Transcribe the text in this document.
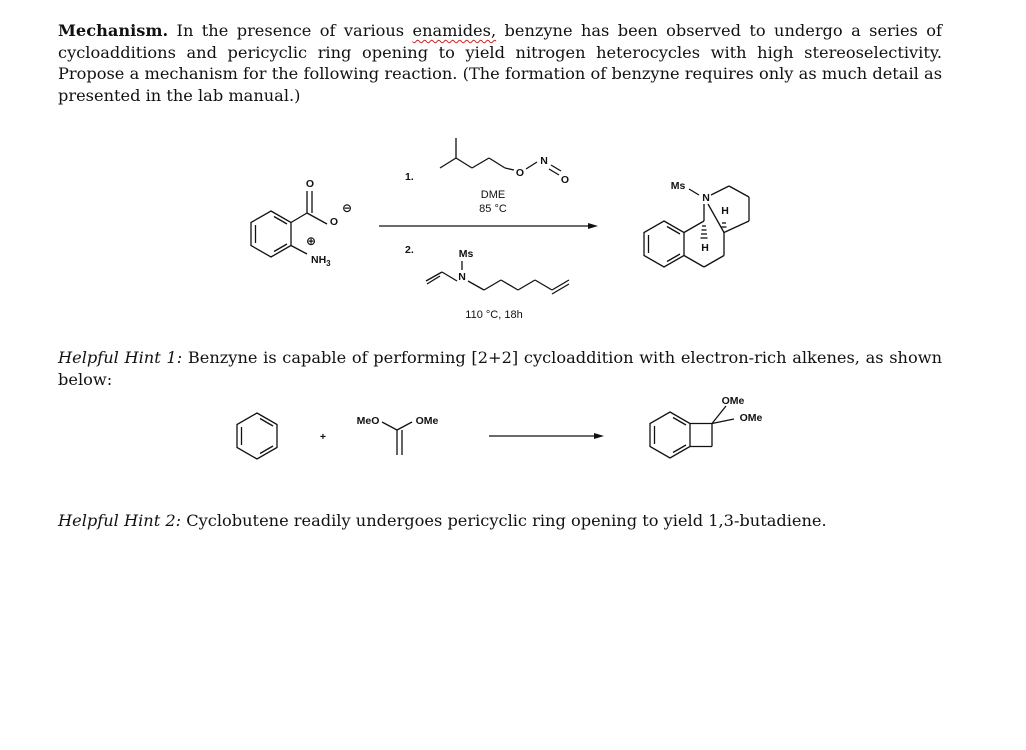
Mechanism. In the presence of various enamides, benzyne has been observed to undergo a series of cycloadditions and pericyclic ring opening to yield nitrogen heterocycles with high stereoselectivity. Propose a mechanism for the following reaction. (The formation of benzyne requires only as much detail as presented in the lab manual.)

O
O
⊖
⊕
$NH_3$
1.	O
N
O
DME
85 °C
2.	Ms
N
110 °C, 18h
Ms
N
H
H

Helpful Hint 1: Benzyne is capable of performing [2+2] cycloaddition with electron-rich alkenes, as shown below:

+
MeO	OMe
OMe
OMe

Helpful Hint 2: Cyclobutene readily undergoes pericyclic ring opening to yield 1,3-butadiene.
